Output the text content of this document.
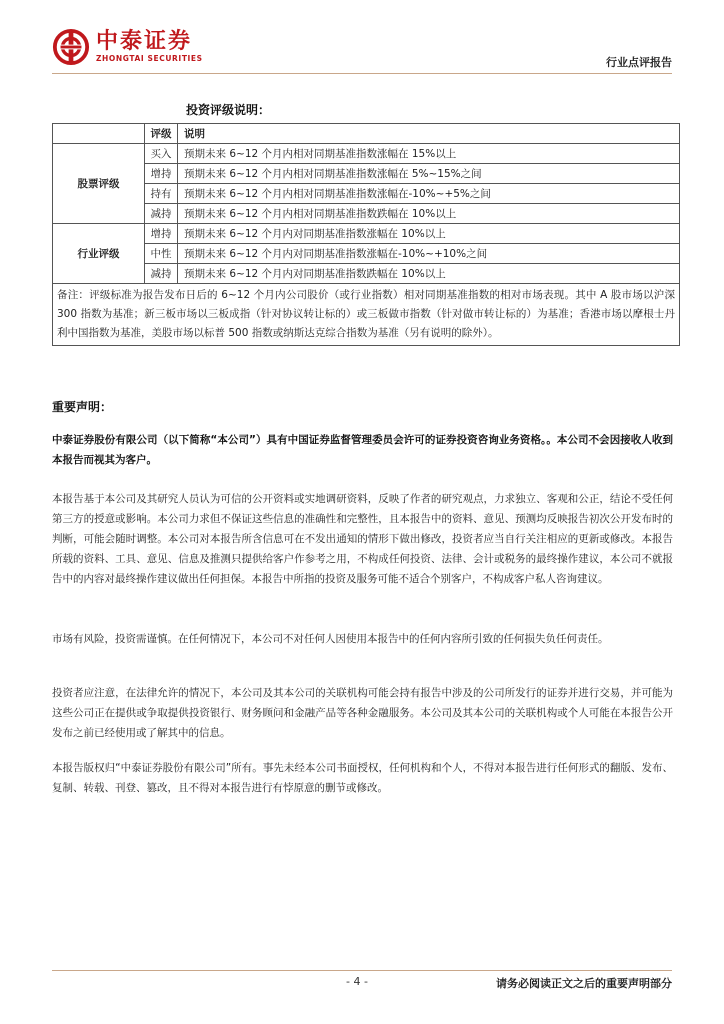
中泰证券
ZHONGTAI SECURITIES	行业点评报告
投资评级说明：
	评级	说明
股票评级	买入	预期未来 6~12 个月内相对同期基准指数涨幅在 15%以上
	增持	预期未来 6~12 个月内相对同期基准指数涨幅在 5%~15%之间
	持有	预期未来 6~12 个月内相对同期基准指数涨幅在-10%~+5%之间
	减持	预期未来 6~12 个月内相对同期基准指数跌幅在 10%以上
行业评级	增持	预期未来 6~12 个月内对同期基准指数涨幅在 10%以上
	中性	预期未来 6~12 个月内对同期基准指数涨幅在-10%~+10%之间
	减持	预期未来 6~12 个月内对同期基准指数跌幅在 10%以上
备注：评级标准为报告发布日后的 6~12 个月内公司股价（或行业指数）相对同期基准指数的相对市场表现。其中 A 股市场以沪深 300 指数为基准；新三板市场以三板成指（针对协议转让标的）或三板做市指数（针对做市转让标的）为基准；香港市场以摩根士丹利中国指数为基准，美股市场以标普 500 指数或纳斯达克综合指数为基准（另有说明的除外）。		
重要声明：
中泰证券股份有限公司（以下简称“本公司”）具有中国证券监督管理委员会许可的证券投资咨询业务资格。。本公司不会因接收人收到本报告而视其为客户。
本报告基于本公司及其研究人员认为可信的公开资料或实地调研资料，反映了作者的研究观点，力求独立、客观和公正，结论不受任何第三方的授意或影响。本公司力求但不保证这些信息的准确性和完整性，且本报告中的资料、意见、预测均反映报告初次公开发布时的判断，可能会随时调整。本公司对本报告所含信息可在不发出通知的情形下做出修改，投资者应当自行关注相应的更新或修改。本报告所载的资料、工具、意见、信息及推测只提供给客户作参考之用，不构成任何投资、法律、会计或税务的最终操作建议，本公司不就报告中的内容对最终操作建议做出任何担保。本报告中所指的投资及服务可能不适合个别客户，不构成客户私人咨询建议。
市场有风险，投资需谨慎。在任何情况下，本公司不对任何人因使用本报告中的任何内容所引致的任何损失负任何责任。
投资者应注意，在法律允许的情况下，本公司及其本公司的关联机构可能会持有报告中涉及的公司所发行的证券并进行交易，并可能为这些公司正在提供或争取提供投资银行、财务顾问和金融产品等各种金融服务。本公司及其本公司的关联机构或个人可能在本报告公开发布之前已经使用或了解其中的信息。
本报告版权归“中泰证券股份有限公司”所有。事先未经本公司书面授权，任何机构和个人，不得对本报告进行任何形式的翻版、发布、复制、转载、刊登、篡改，且不得对本报告进行有悖原意的删节或修改。
- 4 -	请务必阅读正文之后的重要声明部分
